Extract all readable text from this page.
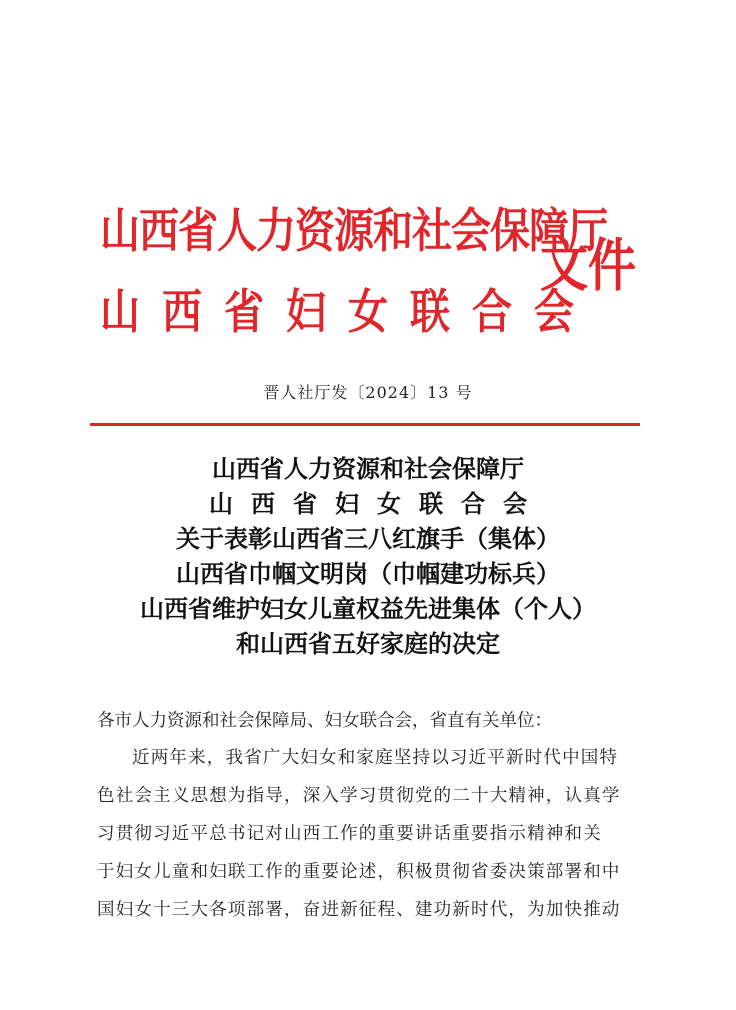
山西省人力资源和社会保障厅
山西省妇女联合会
文件
晋人社厅发〔2024〕13 号
山西省人力资源和社会保障厅
山西省妇女联合会
关于表彰山西省三八红旗手（集体）
山西省巾帼文明岗（巾帼建功标兵）
山西省维护妇女儿童权益先进集体（个人）
和山西省五好家庭的决定
各市人力资源和社会保障局、妇女联合会，省直有关单位：
近两年来，我省广大妇女和家庭坚持以习近平新时代中国特
色社会主义思想为指导，深入学习贯彻党的二十大精神，认真学
习贯彻习近平总书记对山西工作的重要讲话重要指示精神和关
于妇女儿童和妇联工作的重要论述，积极贯彻省委决策部署和中
国妇女十三大各项部署，奋进新征程、建功新时代，为加快推动
